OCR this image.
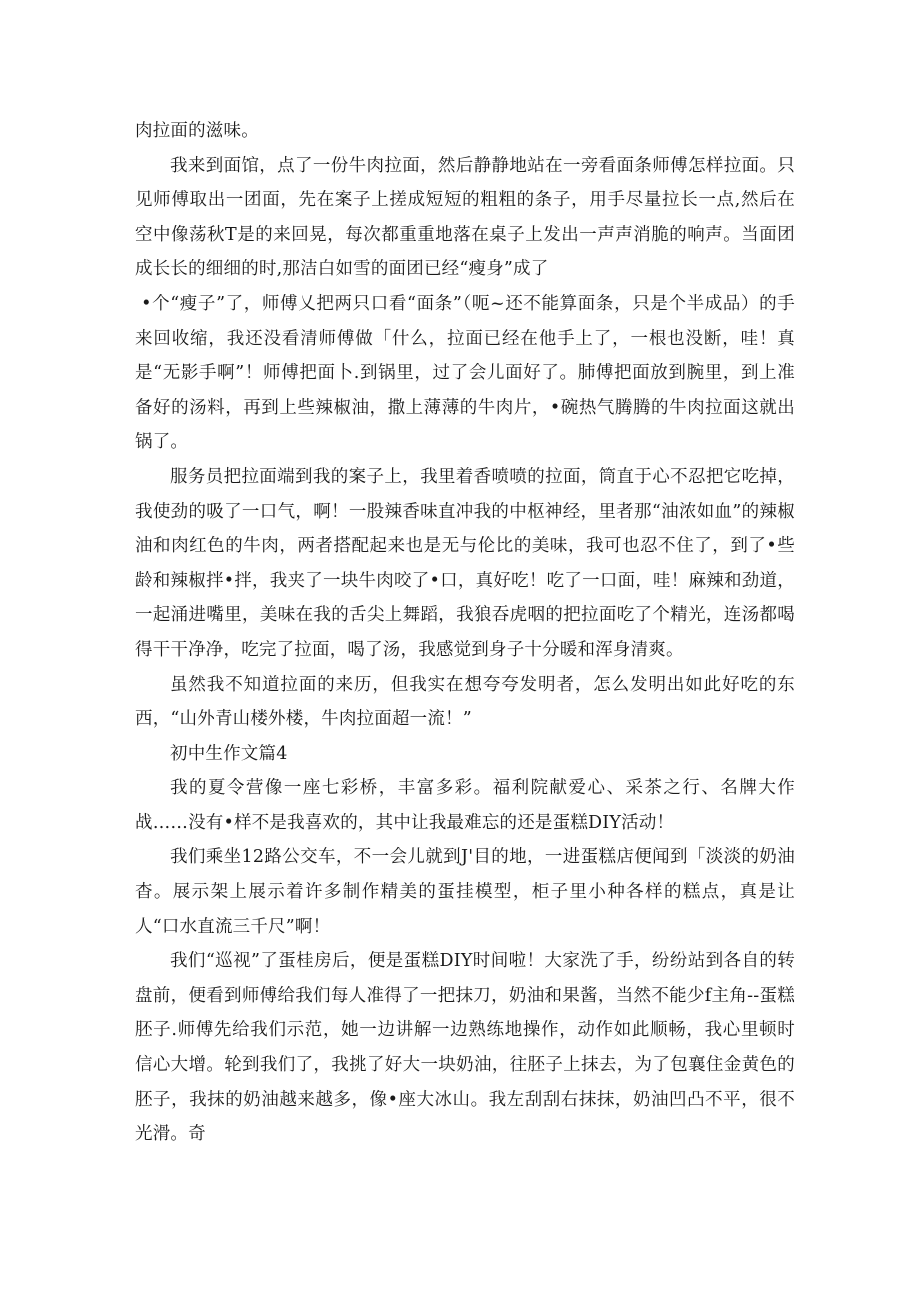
肉拉面的滋味。

我来到面馆，点了一份牛肉拉面，然后静静地站在一旁看面条师傅怎样拉面。只见师傅取出一团面，先在案子上搓成短短的粗粗的条子，用手尽量拉长一点,然后在空中像荡秋T是的来回晃，每次都重重地落在桌子上发出一声声消脆的响声。当面团成长长的细细的时,那洁白如雪的面团已经“瘦身”成了

•个“瘦子”了，师傅乂把两只口看“面条”（呃~还不能算面条，只是个半成品）的手来回收缩，我还没看清师傅做「什么，拉面已经在他手上了，一根也没断，哇！真是“无影手啊”！师傅把面卜.到锅里，过了会儿面好了。肺傅把面放到腕里，到上准备好的汤料，再到上些辣椒油，撒上薄薄的牛肉片，•碗热气腾腾的牛肉拉面这就出锅了。

服务员把拉面端到我的案子上，我里着香喷喷的拉面，筒直于心不忍把它吃掉，我使劲的吸了一口气，啊！一股辣香味直冲我的中枢神经，里者那“油浓如血”的辣椒油和肉红色的牛肉，两者搭配起来也是无与伦比的美味，我可也忍不住了，到了•些龄和辣椒拌•拌，我夹了一块牛肉咬了•口，真好吃！吃了一口面，哇！麻辣和劲道，一起涌进嘴里，美味在我的舌尖上舞蹈，我狼吞虎咽的把拉面吃了个精光，连汤都喝得干干净净，吃完了拉面，喝了汤，我感觉到身子十分暖和浑身清爽。

虽然我不知道拉面的来历，但我实在想夸夸发明者，怎么发明出如此好吃的东西，“山外青山楼外楼，牛肉拉面超一流！”

初中生作文篇4

我的夏令营像一座七彩桥，丰富多彩。福利院献爱心、采茶之行、名牌大作战……没有•样不是我喜欢的，其中让我最难忘的还是蛋糕DIY活动！

我们乘坐12路公交车，不一会儿就到J'目的地，一进蛋糕店便闻到「淡淡的奶油杳。展示架上展示着许多制作精美的蛋挂模型，柜子里小种各样的糕点，真是让人“口水直流三千尺”啊！

我们“巡视”了蛋桂房后，便是蛋糕DIY时间啦！大家洗了手，纷纷站到各自的转盘前，便看到师傅给我们每人准得了一把抹刀，奶油和果酱，当然不能少f主角--蛋糕胚子.师傅先给我们示范，她一边讲解一边熟练地操作，动作如此顺畅，我心里顿时信心大增。轮到我们了，我挑了好大一块奶油，往胚子上抹去，为了包襄住金黄色的胚子，我抹的奶油越来越多，像•座大冰山。我左刮刮右抹抹，奶油凹凸不平，很不光滑。奇
